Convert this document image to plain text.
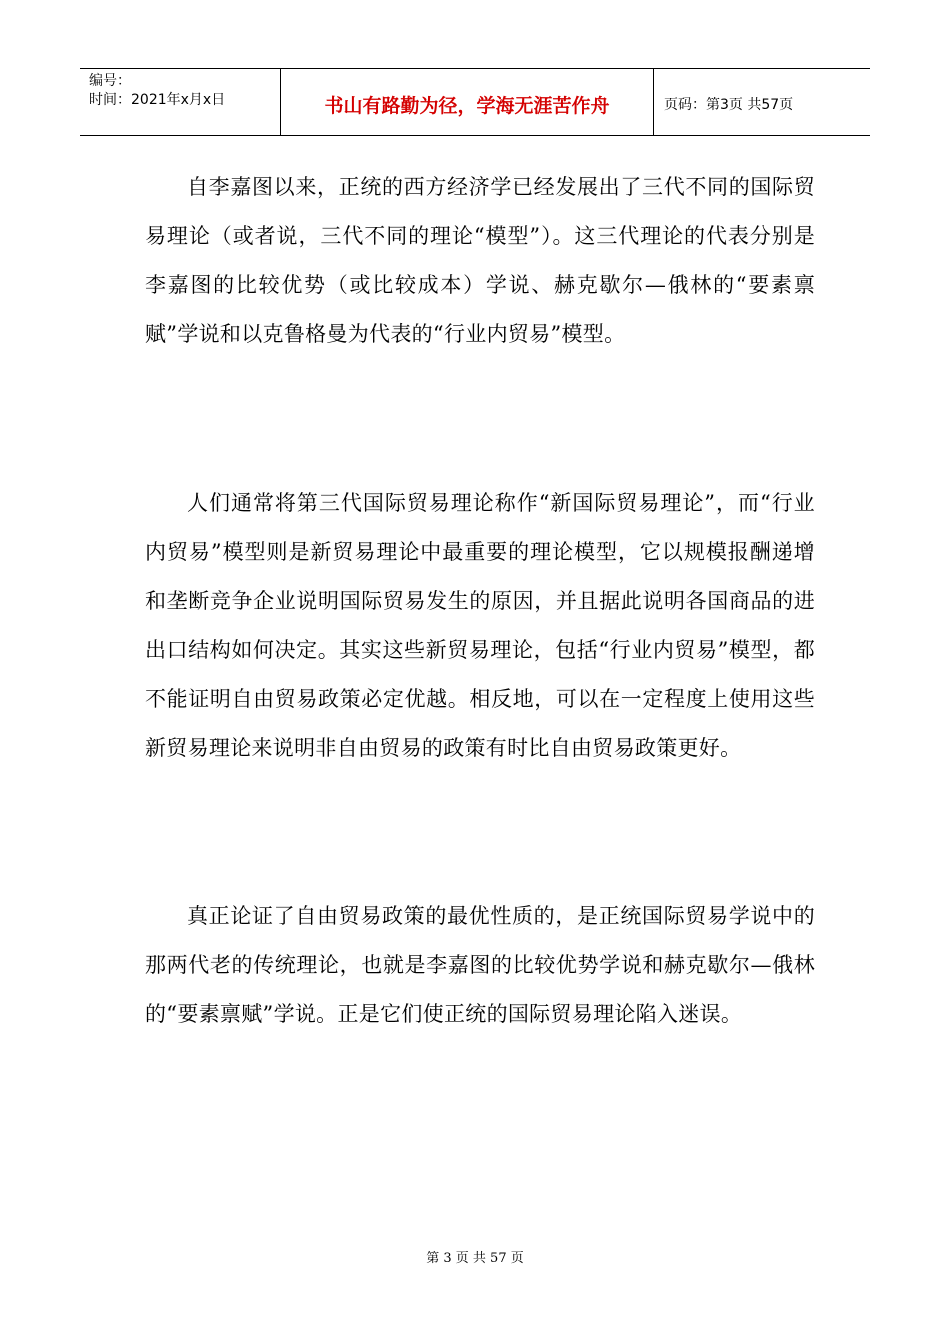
编号：
时间：2021年x月x日	书山有路勤为径，学海无涯苦作舟	页码：第3页 共57页

自李嘉图以来，正统的西方经济学已经发展出了三代不同的国际贸易理论（或者说，三代不同的理论“模型”）。这三代理论的代表分别是李嘉图的比较优势（或比较成本）学说、赫克歇尔—俄林的“要素禀赋”学说和以克鲁格曼为代表的“行业内贸易”模型。

人们通常将第三代国际贸易理论称作“新国际贸易理论”，而“行业内贸易”模型则是新贸易理论中最重要的理论模型，它以规模报酬递增和垄断竞争企业说明国际贸易发生的原因，并且据此说明各国商品的进出口结构如何决定。其实这些新贸易理论，包括“行业内贸易”模型，都不能证明自由贸易政策必定优越。相反地，可以在一定程度上使用这些新贸易理论来说明非自由贸易的政策有时比自由贸易政策更好。

真正论证了自由贸易政策的最优性质的，是正统国际贸易学说中的那两代老的传统理论，也就是李嘉图的比较优势学说和赫克歇尔—俄林的“要素禀赋”学说。正是它们使正统的国际贸易理论陷入迷误。

第 3 页 共 57 页
